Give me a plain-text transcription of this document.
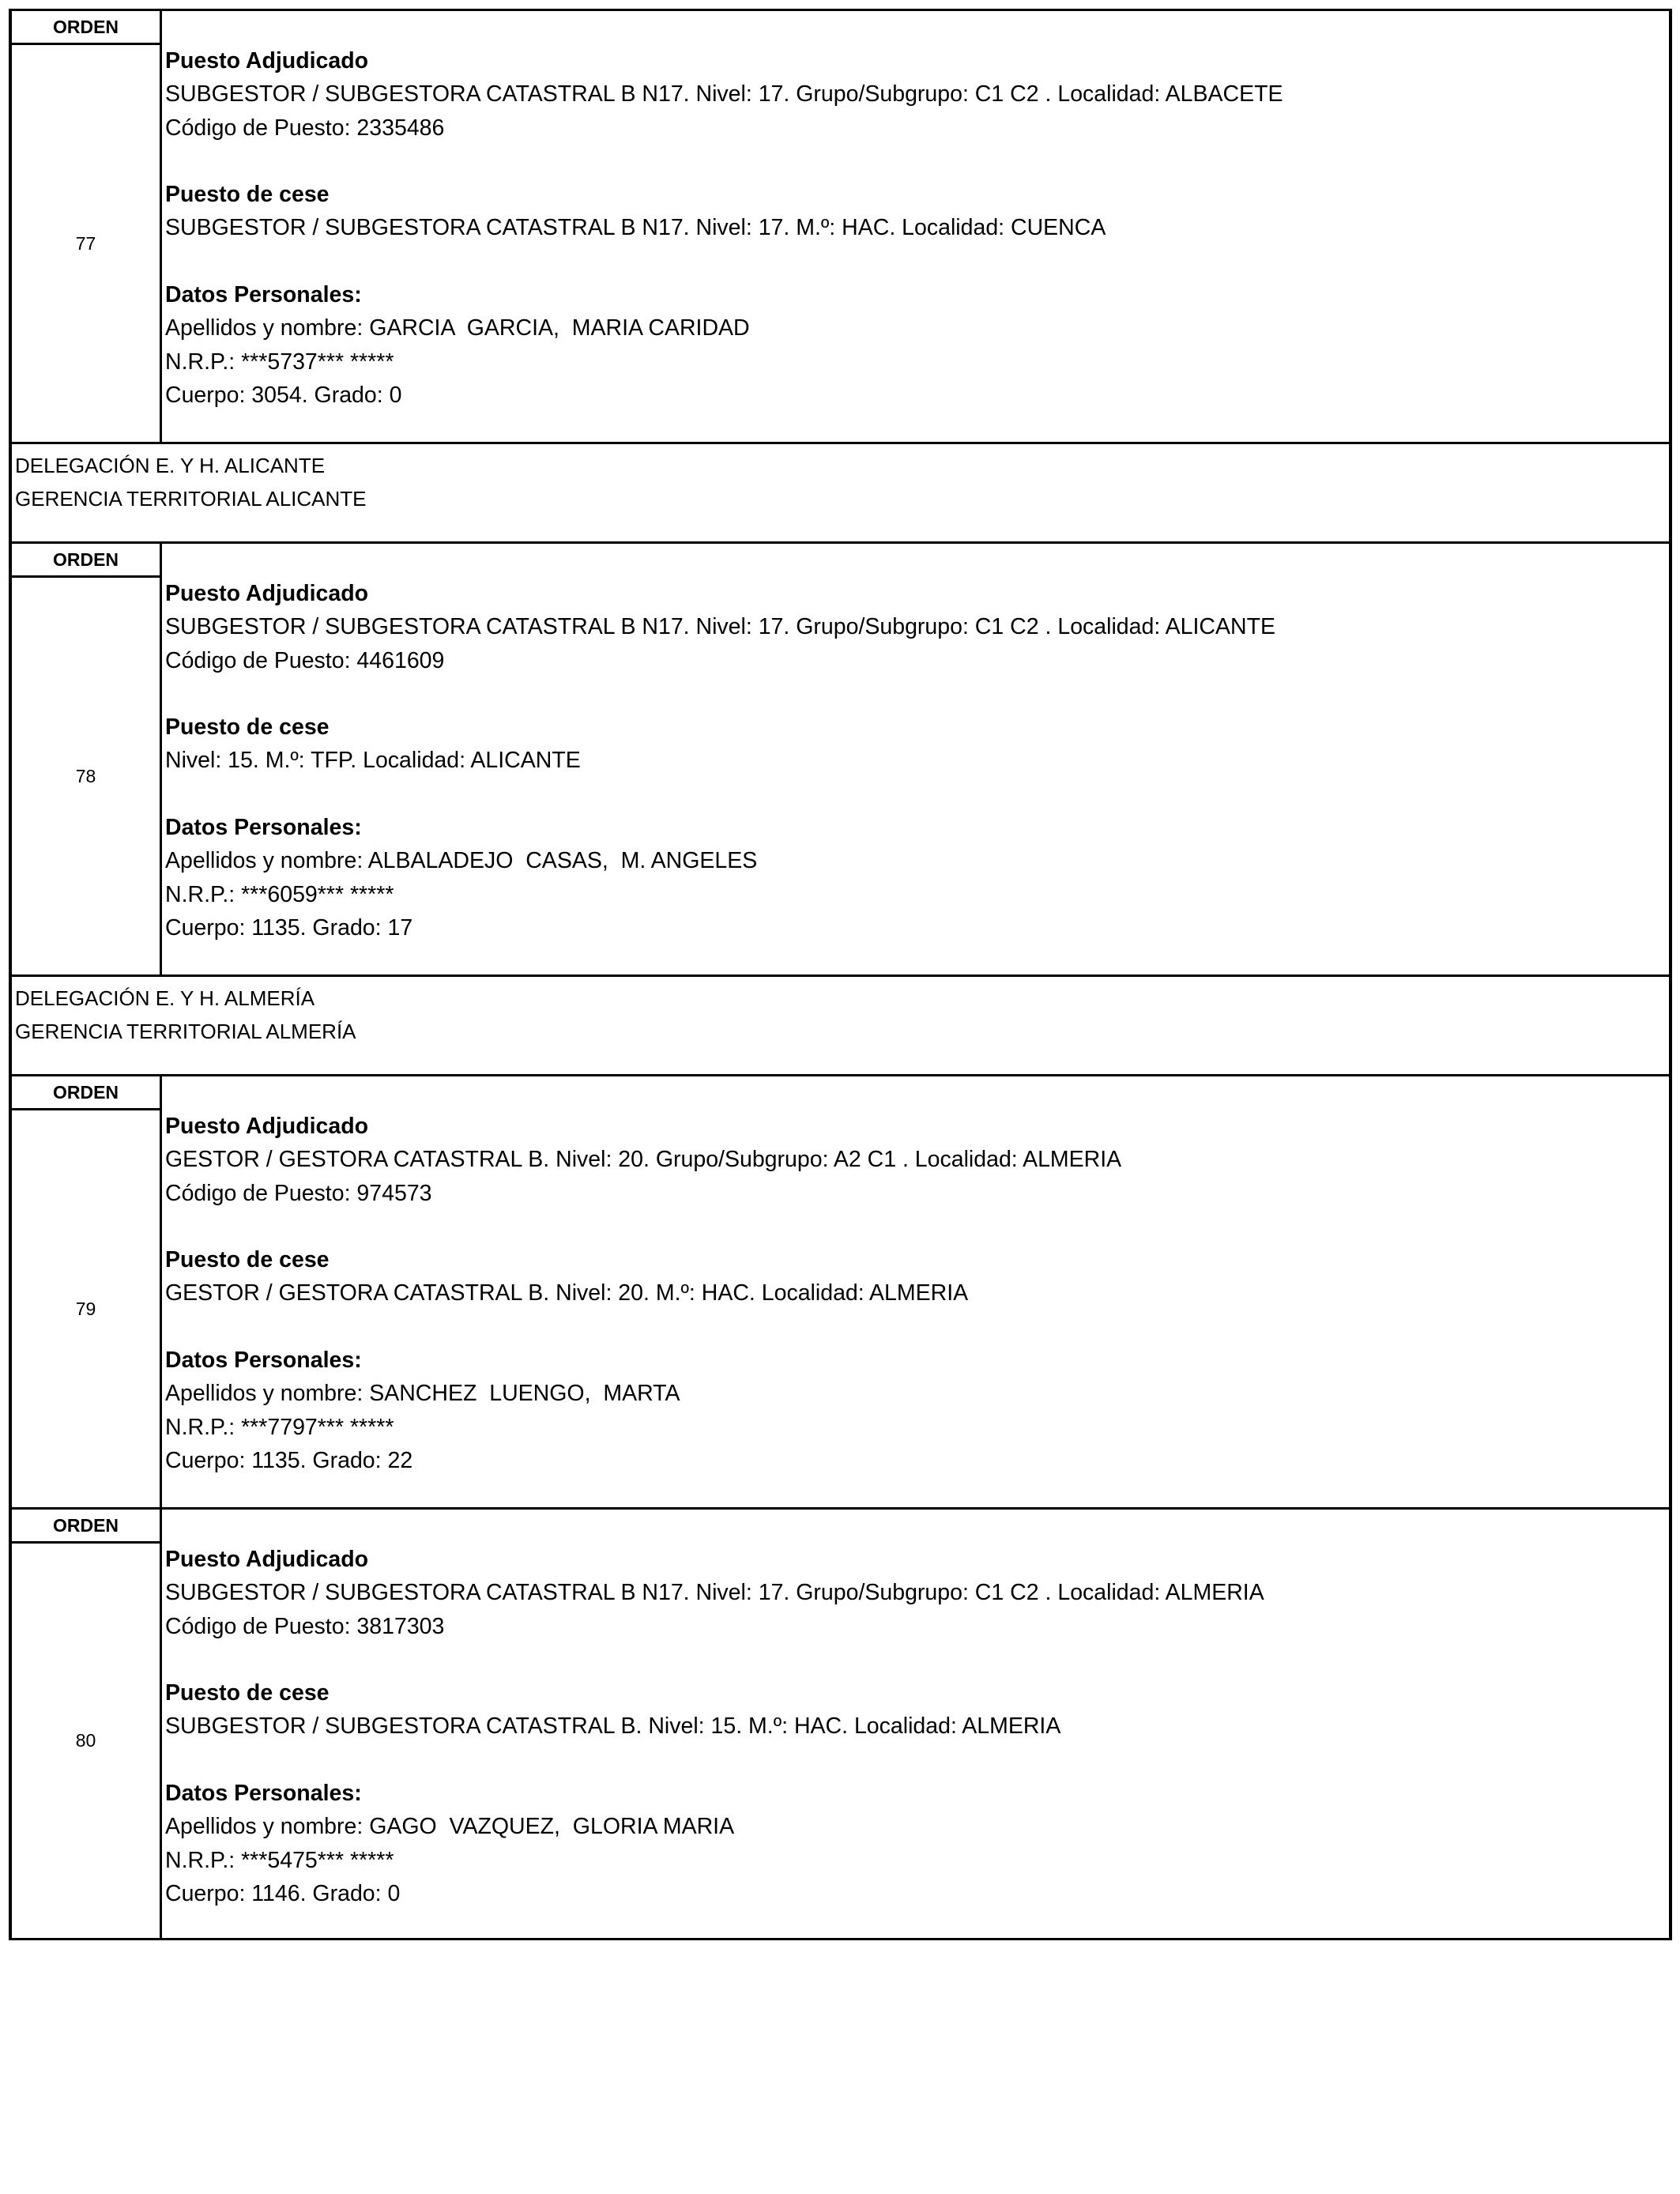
ORDEN
77
Puesto Adjudicado
SUBGESTOR / SUBGESTORA CATASTRAL B N17. Nivel: 17. Grupo/Subgrupo: C1 C2 . Localidad: ALBACETE
Código de Puesto: 2335486
Puesto de cese
SUBGESTOR / SUBGESTORA CATASTRAL B N17. Nivel: 17. M.º: HAC. Localidad: CUENCA
Datos Personales:
Apellidos y nombre: GARCIA  GARCIA,  MARIA CARIDAD
N.R.P.: ***5737*** *****
Cuerpo: 3054. Grado: 0
DELEGACIÓN E. Y H. ALICANTE
GERENCIA TERRITORIAL ALICANTE
ORDEN
78
Puesto Adjudicado
SUBGESTOR / SUBGESTORA CATASTRAL B N17. Nivel: 17. Grupo/Subgrupo: C1 C2 . Localidad: ALICANTE
Código de Puesto: 4461609
Puesto de cese
Nivel: 15. M.º: TFP. Localidad: ALICANTE
Datos Personales:
Apellidos y nombre: ALBALADEJO  CASAS,  M. ANGELES
N.R.P.: ***6059*** *****
Cuerpo: 1135. Grado: 17
DELEGACIÓN E. Y H. ALMERÍA
GERENCIA TERRITORIAL ALMERÍA
ORDEN
79
Puesto Adjudicado
GESTOR / GESTORA CATASTRAL B. Nivel: 20. Grupo/Subgrupo: A2 C1 . Localidad: ALMERIA
Código de Puesto: 974573
Puesto de cese
GESTOR / GESTORA CATASTRAL B. Nivel: 20. M.º: HAC. Localidad: ALMERIA
Datos Personales:
Apellidos y nombre: SANCHEZ  LUENGO,  MARTA
N.R.P.: ***7797*** *****
Cuerpo: 1135. Grado: 22
ORDEN
80
Puesto Adjudicado
SUBGESTOR / SUBGESTORA CATASTRAL B N17. Nivel: 17. Grupo/Subgrupo: C1 C2 . Localidad: ALMERIA
Código de Puesto: 3817303
Puesto de cese
SUBGESTOR / SUBGESTORA CATASTRAL B. Nivel: 15. M.º: HAC. Localidad: ALMERIA
Datos Personales:
Apellidos y nombre: GAGO  VAZQUEZ,  GLORIA MARIA
N.R.P.: ***5475*** *****
Cuerpo: 1146. Grado: 0
